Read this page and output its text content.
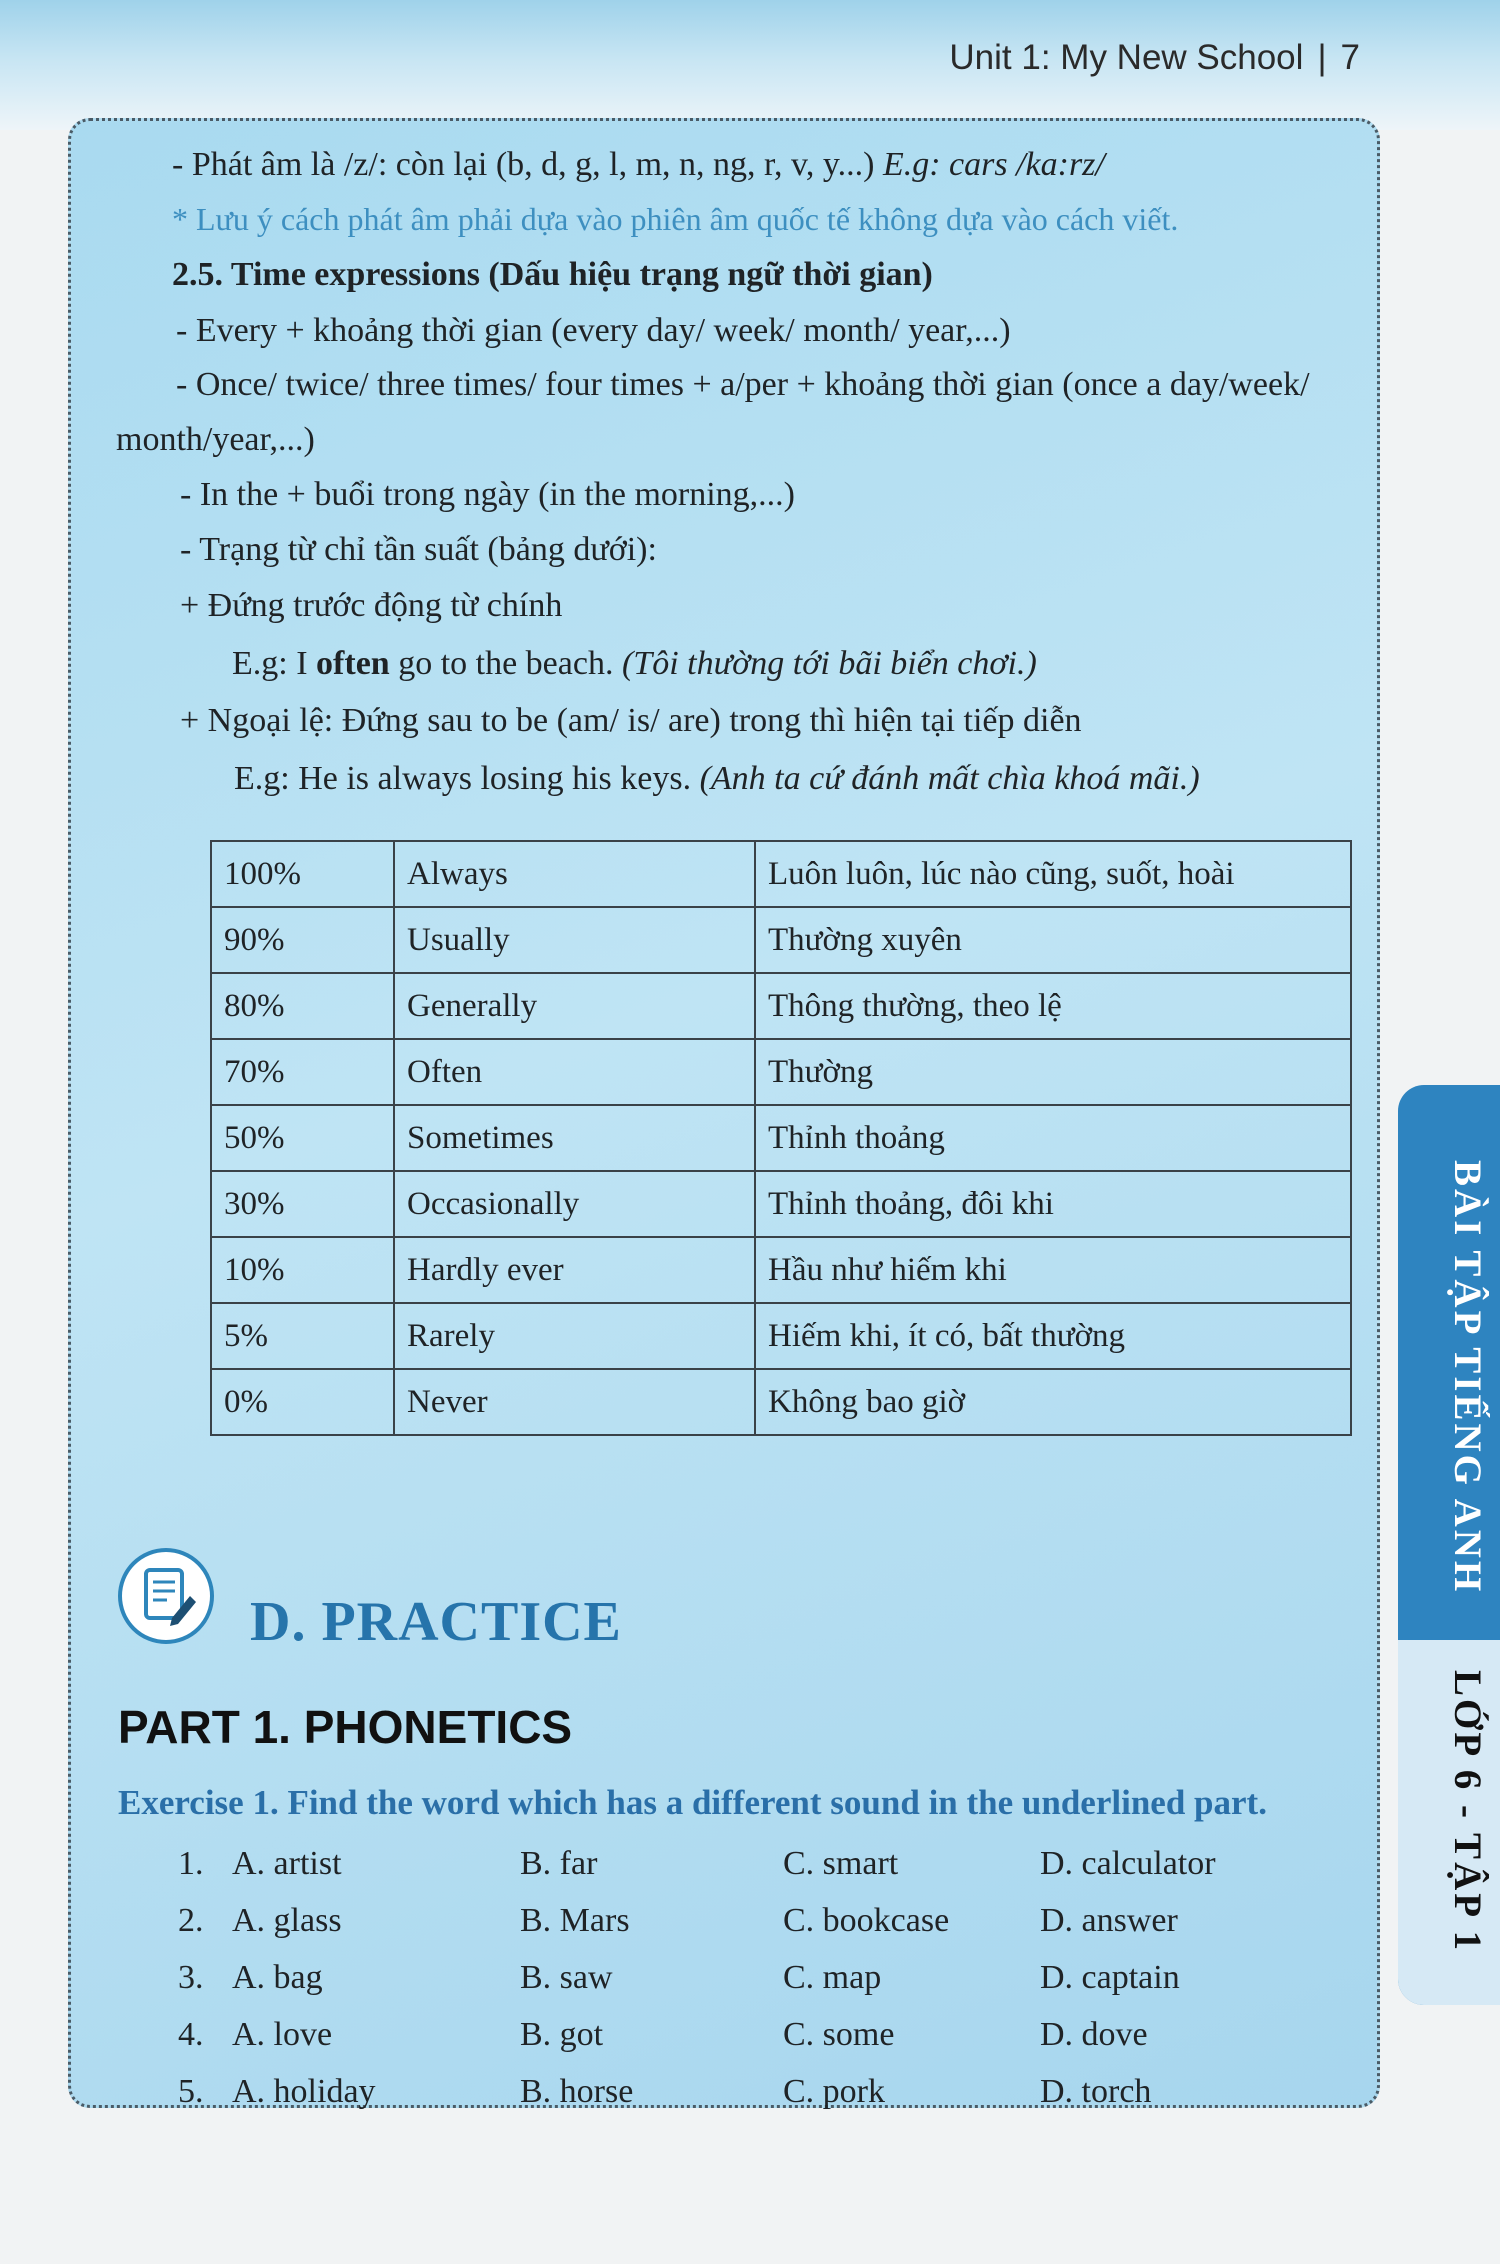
Unit 1: My New School | 7
- Phát âm là /z/: còn lại (b, d, g, l, m, n, ng, r, v, y...) E.g: cars /ka:rz/
* Lưu ý cách phát âm phải dựa vào phiên âm quốc tế không dựa vào cách viết.
2.5. Time expressions (Dấu hiệu trạng ngữ thời gian)
- Every + khoảng thời gian (every day/ week/ month/ year,...)
- Once/ twice/ three times/ four times + a/per + khoảng thời gian (once a day/week/
month/year,...)
- In the + buổi trong ngày (in the morning,...)
- Trạng từ chỉ tần suất (bảng dưới):
+ Đứng trước động từ chính
E.g: I often go to the beach. (Tôi thường tới bãi biển chơi.)
+ Ngoại lệ: Đứng sau to be (am/ is/ are) trong thì hiện tại tiếp diễn
E.g: He is always losing his keys. (Anh ta cứ đánh mất chìa khoá mãi.)
100%	Always	Luôn luôn, lúc nào cũng, suốt, hoài
90%	Usually	Thường xuyên
80%	Generally	Thông thường, theo lệ
70%	Often	Thường
50%	Sometimes	Thỉnh thoảng
30%	Occasionally	Thỉnh thoảng, đôi khi
10%	Hardly ever	Hầu như hiếm khi
5%	Rarely	Hiếm khi, ít có, bất thường
0%	Never	Không bao giờ
D. PRACTICE
PART 1. PHONETICS
Exercise 1. Find the word which has a different sound in the underlined part.
1. A. artist	B. far	C. smart	D. calculator
2. A. glass	B. Mars	C. bookcase	D. answer
3. A. bag	B. saw	C. map	D. captain
4. A. love	B. got	C. some	D. dove
5. A. holiday	B. horse	C. pork	D. torch
BÀI TẬP TIẾNG ANH
LỚP 6 - TẬP 1
